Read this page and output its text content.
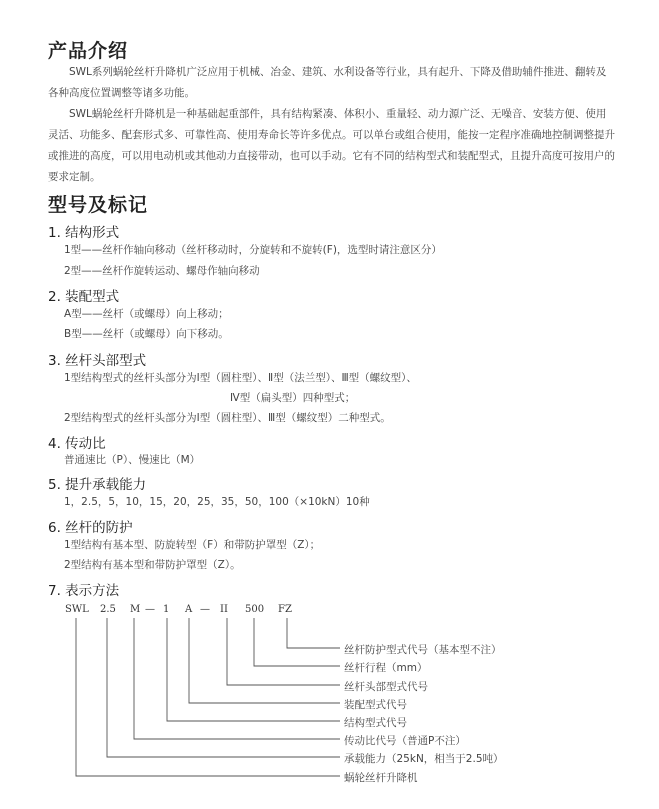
产品介绍

SWL系列蜗轮丝杆升降机广泛应用于机械、冶金、建筑、水利设备等行业，具有起升、下降及借助辅件推进、翻转及各种高度位置调整等诸多功能。

SWL蜗轮丝杆升降机是一种基础起重部件，具有结构紧凑、体积小、重量轻、动力源广泛、无噪音、安装方便、使用灵活、功能多、配套形式多、可靠性高、使用寿命长等许多优点。可以单台或组合使用，能按一定程序准确地控制调整提升或推进的高度，可以用电动机或其他动力直接带动，也可以手动。它有不同的结构型式和装配型式，且提升高度可按用户的要求定制。

型号及标记
1. 结构形式
1型——丝杆作轴向移动（丝杆移动时，分旋转和不旋转(F)，选型时请注意区分）
2型——丝杆作旋转运动、螺母作轴向移动
2. 装配型式
A型——丝杆（或螺母）向上移动；
B型——丝杆（或螺母）向下移动。
3. 丝杆头部型式
1型结构型式的丝杆头部分为Ⅰ型（圆柱型）、Ⅱ型（法兰型）、Ⅲ型（螺纹型）、
Ⅳ型（扁头型）四种型式；
2型结构型式的丝杆头部分为Ⅰ型（圆柱型）、Ⅲ型（螺纹型）二种型式。
4. 传动比
普通速比（P）、慢速比（M）
5. 提升承载能力
1，2.5，5，10，15，20，25，35，50，100（×10kN）10种
6. 丝杆的防护
1型结构有基本型、防旋转型（F）和带防护罩型（Z）；
2型结构有基本型和带防护罩型（Z）。
7. 表示方法
SWL 2.5 M — 1 A — II 500 FZ
丝杆防护型式代号（基本型不注）
丝杆行程（mm）
丝杆头部型式代号
装配型式代号
结构型式代号
传动比代号（普通P不注）
承载能力（25kN，相当于2.5吨）
蜗轮丝杆升降机
